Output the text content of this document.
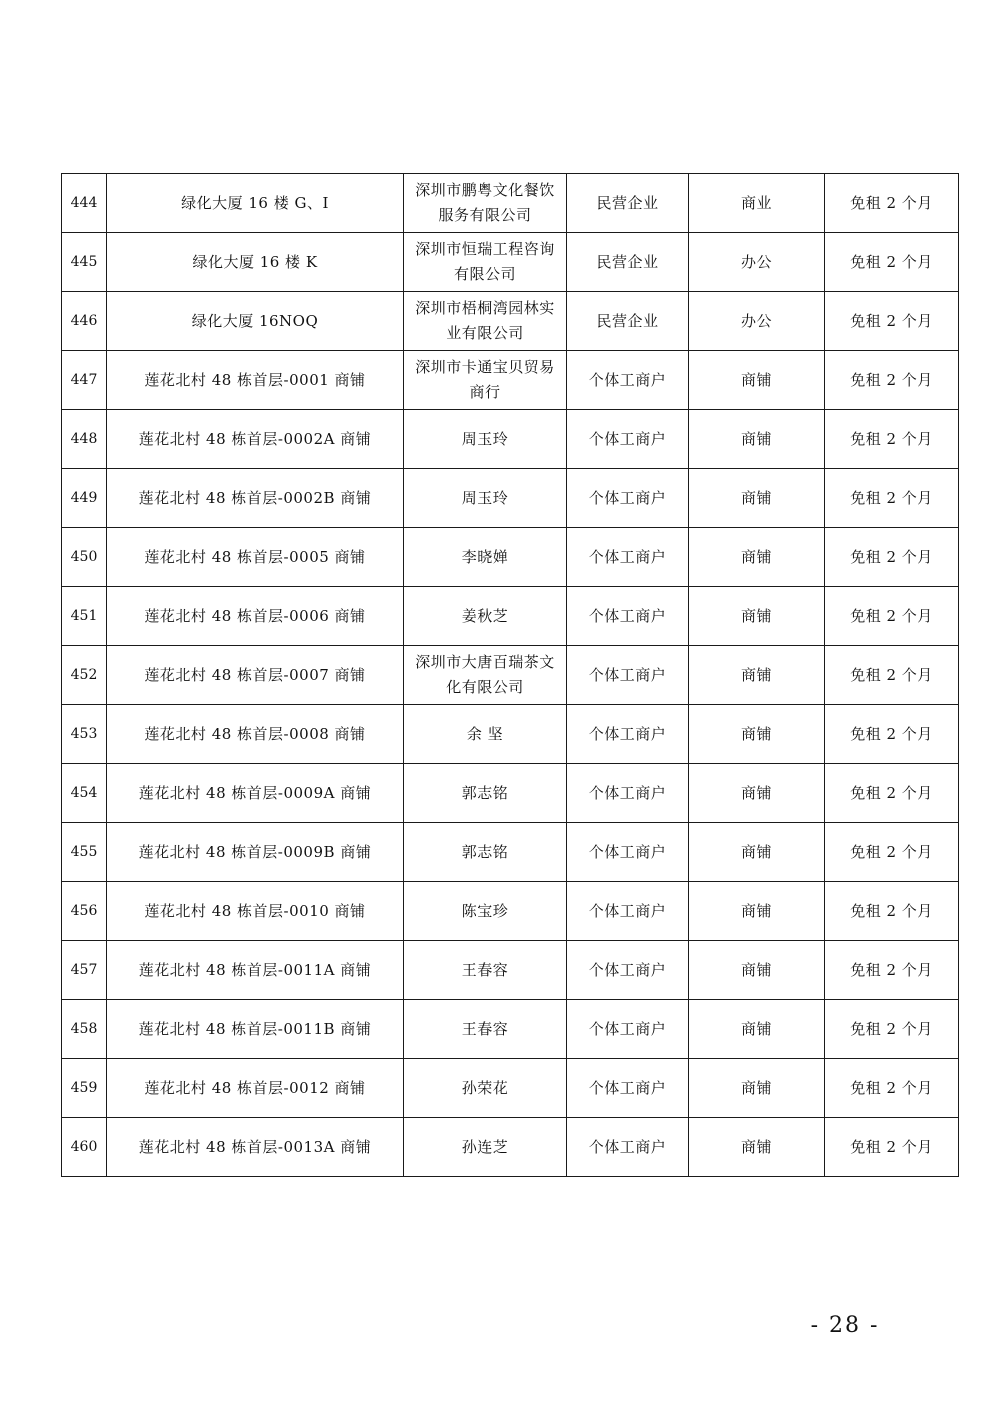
444	绿化大厦 16 楼 G、I	深圳市鹏粤文化餐饮服务有限公司	民营企业	商业	免租 2 个月
445	绿化大厦 16 楼 K	深圳市恒瑞工程咨询有限公司	民营企业	办公	免租 2 个月
446	绿化大厦 16NOQ	深圳市梧桐湾园林实业有限公司	民营企业	办公	免租 2 个月
447	莲花北村 48 栋首层-0001 商铺	深圳市卡通宝贝贸易商行	个体工商户	商铺	免租 2 个月
448	莲花北村 48 栋首层-0002A 商铺	周玉玲	个体工商户	商铺	免租 2 个月
449	莲花北村 48 栋首层-0002B 商铺	周玉玲	个体工商户	商铺	免租 2 个月
450	莲花北村 48 栋首层-0005 商铺	李晓婵	个体工商户	商铺	免租 2 个月
451	莲花北村 48 栋首层-0006 商铺	姜秋芝	个体工商户	商铺	免租 2 个月
452	莲花北村 48 栋首层-0007 商铺	深圳市大唐百瑞茶文化有限公司	个体工商户	商铺	免租 2 个月
453	莲花北村 48 栋首层-0008 商铺	余 坚	个体工商户	商铺	免租 2 个月
454	莲花北村 48 栋首层-0009A 商铺	郭志铭	个体工商户	商铺	免租 2 个月
455	莲花北村 48 栋首层-0009B 商铺	郭志铭	个体工商户	商铺	免租 2 个月
456	莲花北村 48 栋首层-0010 商铺	陈宝珍	个体工商户	商铺	免租 2 个月
457	莲花北村 48 栋首层-0011A 商铺	王春容	个体工商户	商铺	免租 2 个月
458	莲花北村 48 栋首层-0011B 商铺	王春容	个体工商户	商铺	免租 2 个月
459	莲花北村 48 栋首层-0012 商铺	孙荣花	个体工商户	商铺	免租 2 个月
460	莲花北村 48 栋首层-0013A 商铺	孙连芝	个体工商户	商铺	免租 2 个月
- 28 -
